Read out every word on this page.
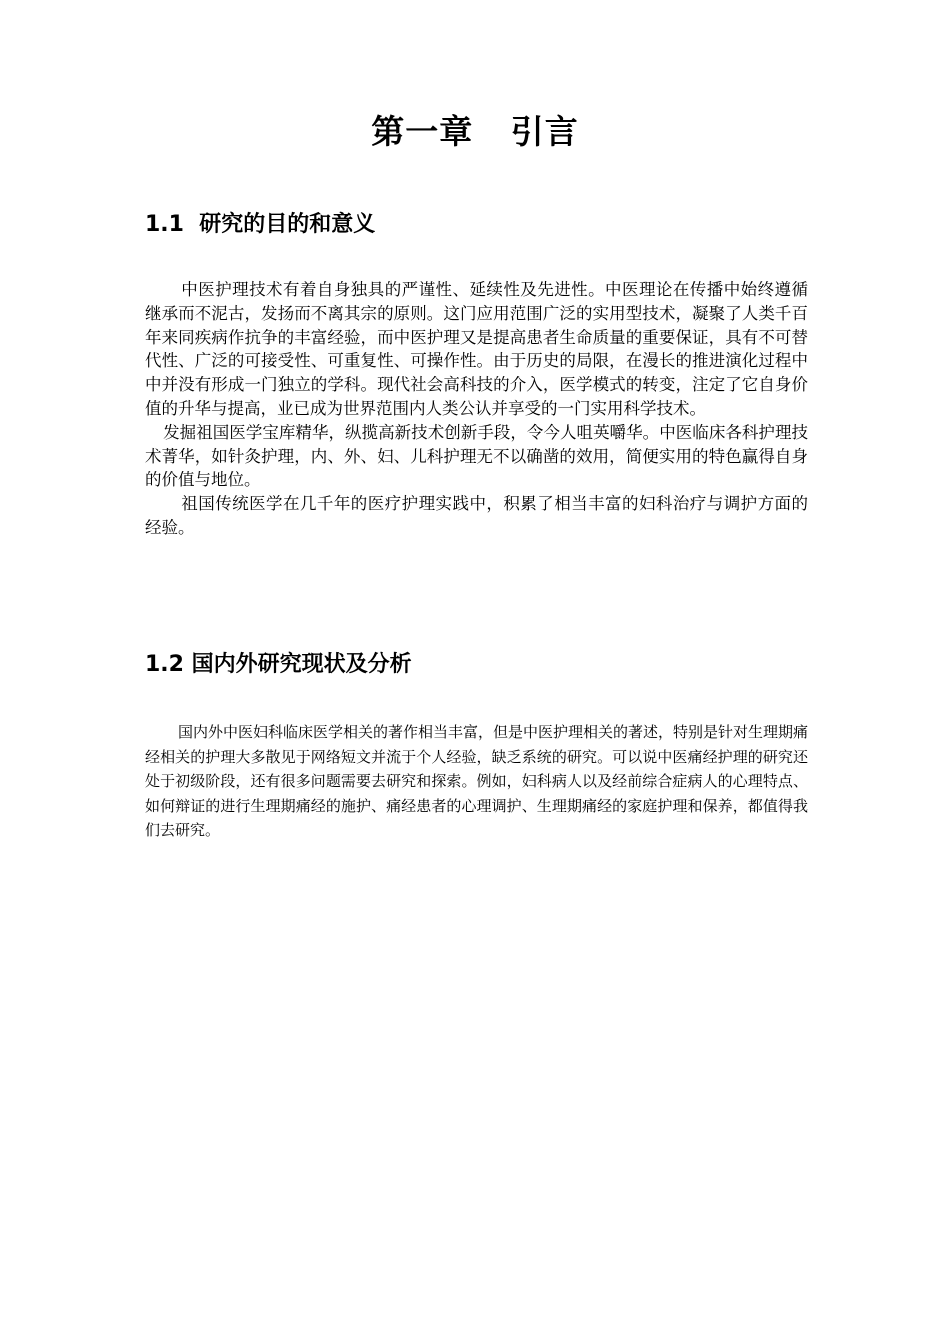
第一章   引言
1.1  研究的目的和意义

中医护理技术有着自身独具的严谨性、延续性及先进性。中医理论在传播中始终遵循继承而不泥古，发扬而不离其宗的原则。这门应用范围广泛的实用型技术，凝聚了人类千百年来同疾病作抗争的丰富经验，而中医护理又是提高患者生命质量的重要保证，具有不可替代性、广泛的可接受性、可重复性、可操作性。由于历史的局限，在漫长的推进演化过程中中并没有形成一门独立的学科。现代社会高科技的介入，医学模式的转变，注定了它自身价值的升华与提高，业已成为世界范围内人类公认并享受的一门实用科学技术。

发掘祖国医学宝库精华，纵揽高新技术创新手段，令今人咀英嚼华。中医临床各科护理技术菁华，如针灸护理，内、外、妇、儿科护理无不以确凿的效用，简便实用的特色赢得自身的价值与地位。

祖国传统医学在几千年的医疗护理实践中，积累了相当丰富的妇科治疗与调护方面的经验。

1.2 国内外研究现状及分析

国内外中医妇科临床医学相关的著作相当丰富，但是中医护理相关的著述，特别是针对生理期痛经相关的护理大多散见于网络短文并流于个人经验，缺乏系统的研究。可以说中医痛经护理的研究还处于初级阶段，还有很多问题需要去研究和探索。例如，妇科病人以及经前综合症病人的心理特点、如何辩证的进行生理期痛经的施护、痛经患者的心理调护、生理期痛经的家庭护理和保养，都值得我们去研究。
